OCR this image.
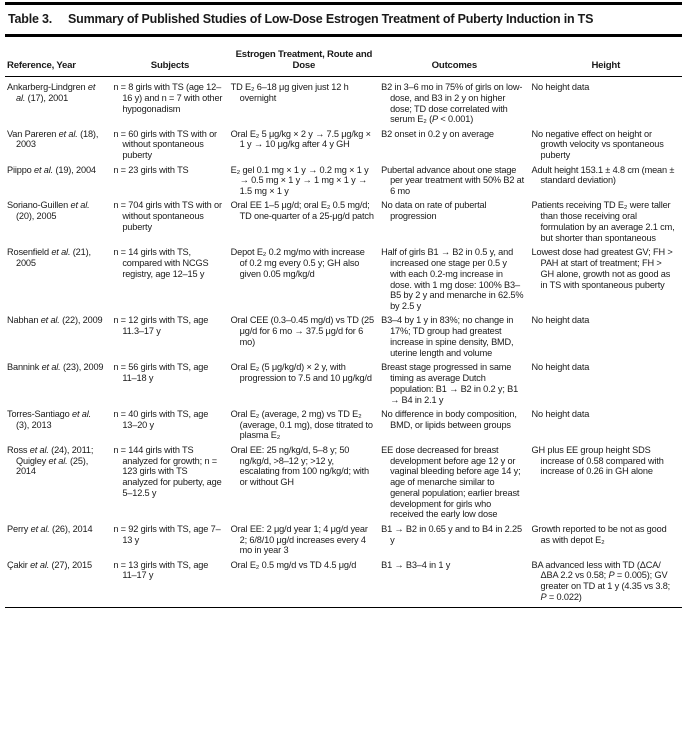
Table 3. Summary of Published Studies of Low-Dose Estrogen Treatment of Puberty Induction in TS
Reference, Year	Subjects	Estrogen Treatment, Route and Dose	Outcomes	Height
Ankarberg-Lindgren et al. (17), 2001	n = 8 girls with TS (age 12–16 y) and n = 7 with other hypogonadism	TD E₂ 6–18 μg given just 12 h overnight	B2 in 3–6 mo in 75% of girls on low-dose, and B3 in 2 y on higher dose; TD dose correlated with serum E₂ (P < 0.001)	No height data
Van Pareren et al. (18), 2003	n = 60 girls with TS with or without spontaneous puberty	Oral E₂ 5 μg/kg × 2 y → 7.5 μg/kg × 1 y → 10 μg/kg after 4 y GH	B2 onset in 0.2 y on average	No negative effect on height or growth velocity vs spontaneous puberty
Piippo et al. (19), 2004	n = 23 girls with TS	E₂ gel 0.1 mg × 1 y → 0.2 mg × 1 y → 0.5 mg × 1 y → 1 mg × 1 y → 1.5 mg × 1 y	Pubertal advance about one stage per year treatment with 50% B2 at 6 mo	Adult height 153.1 ± 4.8 cm (mean ± standard deviation)
Soriano-Guillen et al. (20), 2005	n = 704 girls with TS with or without spontaneous puberty	Oral EE 1–5 μg/d; oral E₂ 0.5 mg/d; TD one-quarter of a 25-μg/d patch	No data on rate of pubertal progression	Patients receiving TD E₂ were taller than those receiving oral formulation by an average 2.1 cm, but shorter than spontaneous
Rosenfield et al. (21), 2005	n = 14 girls with TS, compared with NCGS registry, age 12–15 y	Depot E₂ 0.2 mg/mo with increase of 0.2 mg every 0.5 y; GH also given 0.05 mg/kg/d	Half of girls B1 → B2 in 0.5 y, and increased one stage per 0.5 y with each 0.2-mg increase in dose. with 1 mg dose: 100% B3–B5 by 2 y and menarche in 62.5% by 2.5 y	Lowest dose had greatest GV; FH > PAH at start of treatment; FH > GH alone, growth not as good as in TS with spontaneous puberty
Nabhan et al. (22), 2009	n = 12 girls with TS, age 11.3–17 y	Oral CEE (0.3–0.45 mg/d) vs TD (25 μg/d for 6 mo → 37.5 μg/d for 6 mo)	B3–4 by 1 y in 83%; no change in 17%; TD group had greatest increase in spine density, BMD, uterine length and volume	No height data
Bannink et al. (23), 2009	n = 56 girls with TS, age 11–18 y	Oral E₂ (5 μg/kg/d) × 2 y, with progression to 7.5 and 10 μg/kg/d	Breast stage progressed in same timing as average Dutch population: B1 → B2 in 0.2 y; B1 → B4 in 2.1 y	No height data
Torres-Santiago et al. (3), 2013	n = 40 girls with TS, age 13–20 y	Oral E₂ (average, 2 mg) vs TD E₂ (average, 0.1 mg), dose titrated to plasma E₂	No difference in body composition, BMD, or lipids between groups	No height data
Ross et al. (24), 2011; Quigley et al. (25), 2014	n = 144 girls with TS analyzed for growth; n = 123 girls with TS analyzed for puberty, age 5–12.5 y	Oral EE: 25 ng/kg/d, 5–8 y; 50 ng/kg/d, >8–12 y; >12 y, escalating from 100 ng/kg/d; with or without GH	EE dose decreased for breast development before age 12 y or vaginal bleeding before age 14 y; age of menarche similar to general population; earlier breast development for girls who received the early low dose	GH plus EE group height SDS increase of 0.58 compared with increase of 0.26 in GH alone
Perry et al. (26), 2014	n = 92 girls with TS, age 7–13 y	Oral EE: 2 μg/d year 1; 4 μg/d year 2; 6/8/10 μg/d increases every 4 mo in year 3	B1 → B2 in 0.65 y and to B4 in 2.25 y	Growth reported to be not as good as with depot E₂
Çakir et al. (27), 2015	n = 13 girls with TS, age 11–17 y	Oral E₂ 0.5 mg/d vs TD 4.5 μg/d	B1 → B3–4 in 1 y	BA advanced less with TD (ΔCA/ΔBA 2.2 vs 0.58; P = 0.005); GV greater on TD at 1 y (4.35 vs 3.8; P = 0.022)
